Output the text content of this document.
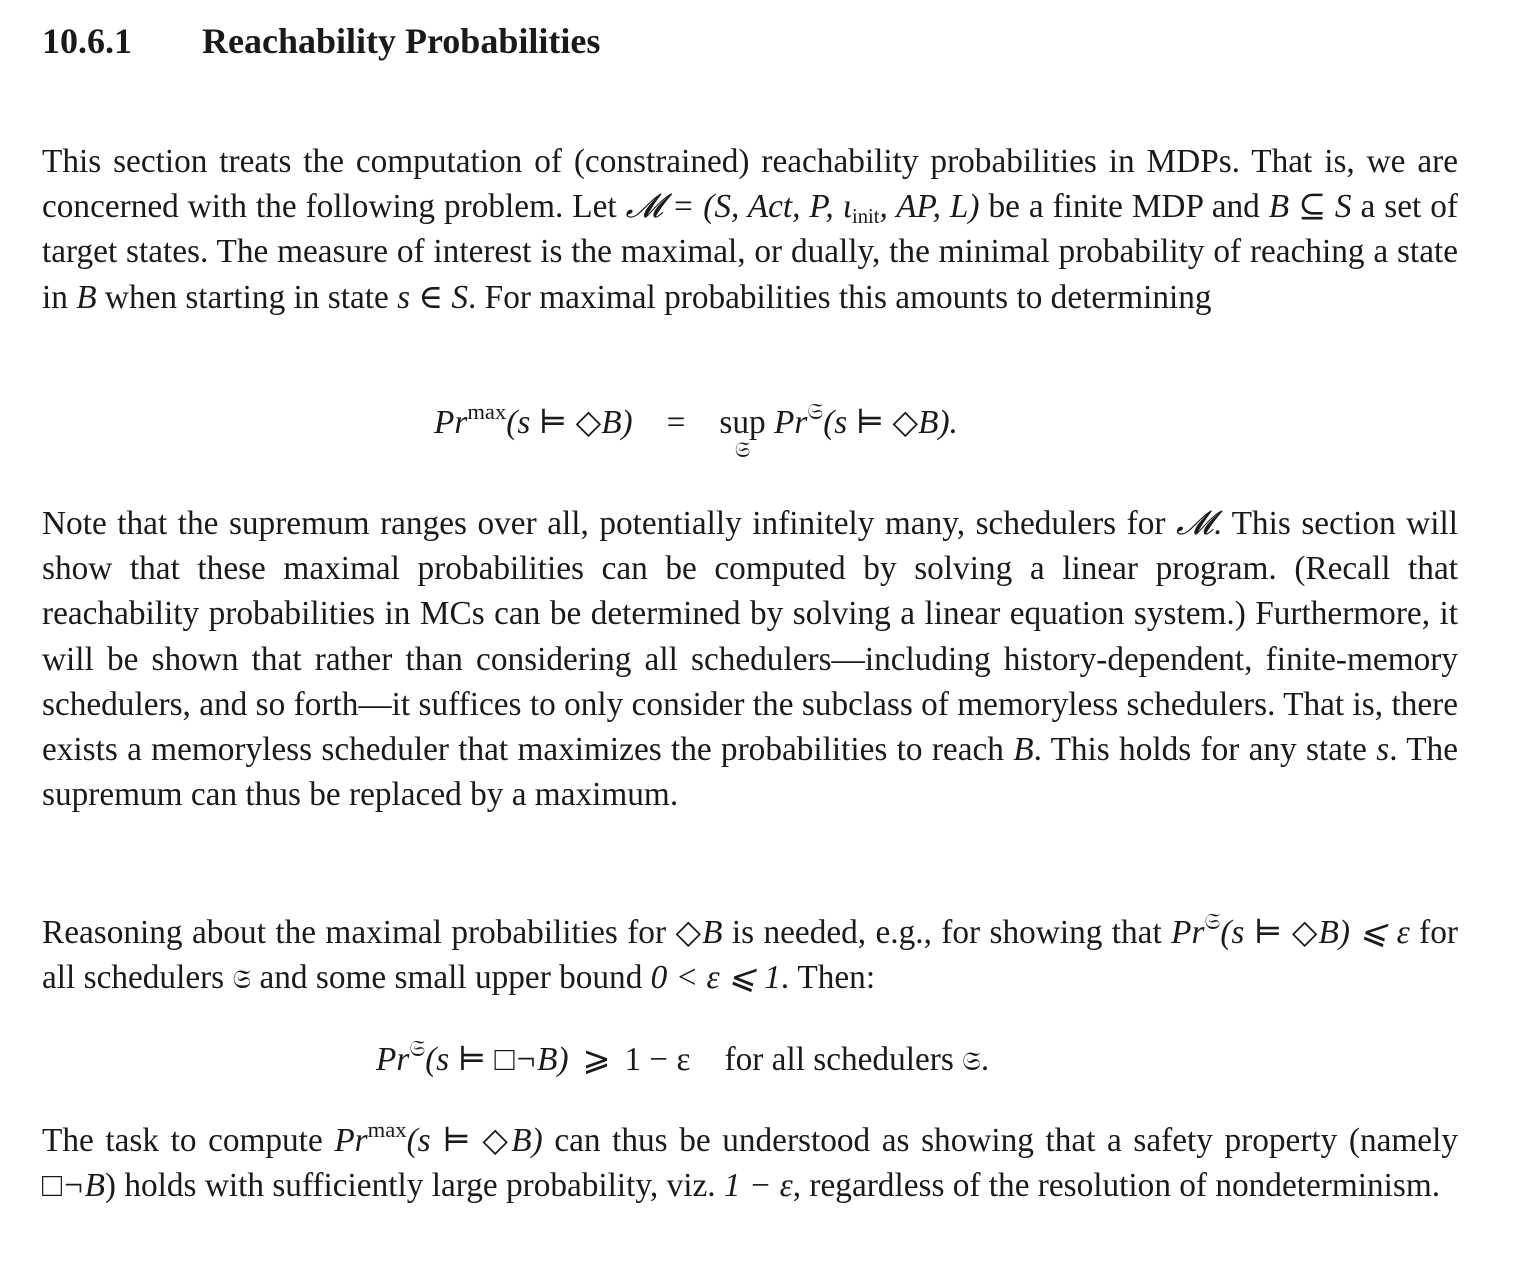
10.6.1 Reachability Probabilities

This section treats the computation of (constrained) reachability probabilities in MDPs. That is, we are concerned with the following problem. Let 𝓜 = (S, Act, P, $\iota_{init}$, AP, L) be a finite MDP and B ⊆ S a set of target states. The measure of interest is the maximal, or dually, the minimal probability of reaching a state in B when starting in state s ∈ S. For maximal probabilities this amounts to determining

$Pr^{max}(s$ ⊨ ◇B) = sup
𝔖
$Pr^𝔖(s$ ⊨ ◇B).

Note that the supremum ranges over all, potentially infinitely many, schedulers for 𝓜. This section will show that these maximal probabilities can be computed by solving a linear program. (Recall that reachability probabilities in MCs can be determined by solving a linear equation system.) Furthermore, it will be shown that rather than considering all schedulers—including history-dependent, finite-memory schedulers, and so forth—it suffices to only consider the subclass of memoryless schedulers. That is, there exists a memoryless scheduler that maximizes the probabilities to reach B. This holds for any state s. The supremum can thus be replaced by a maximum.

Reasoning about the maximal probabilities for ◇B is needed, e.g., for showing that $Pr^𝔖(s$ ⊨ ◇B) ⩽ ε for all schedulers 𝔖 and some small upper bound 0 < ε ⩽ 1. Then:

$Pr^𝔖(s$ ⊨ □¬B) ⩾ 1 − ε for all schedulers 𝔖.

The task to compute $Pr^{max}(s$ ⊨ ◇B) can thus be understood as showing that a safety property (namely □¬B) holds with sufficiently large probability, viz. 1 − ε, regardless of the resolution of nondeterminism.
